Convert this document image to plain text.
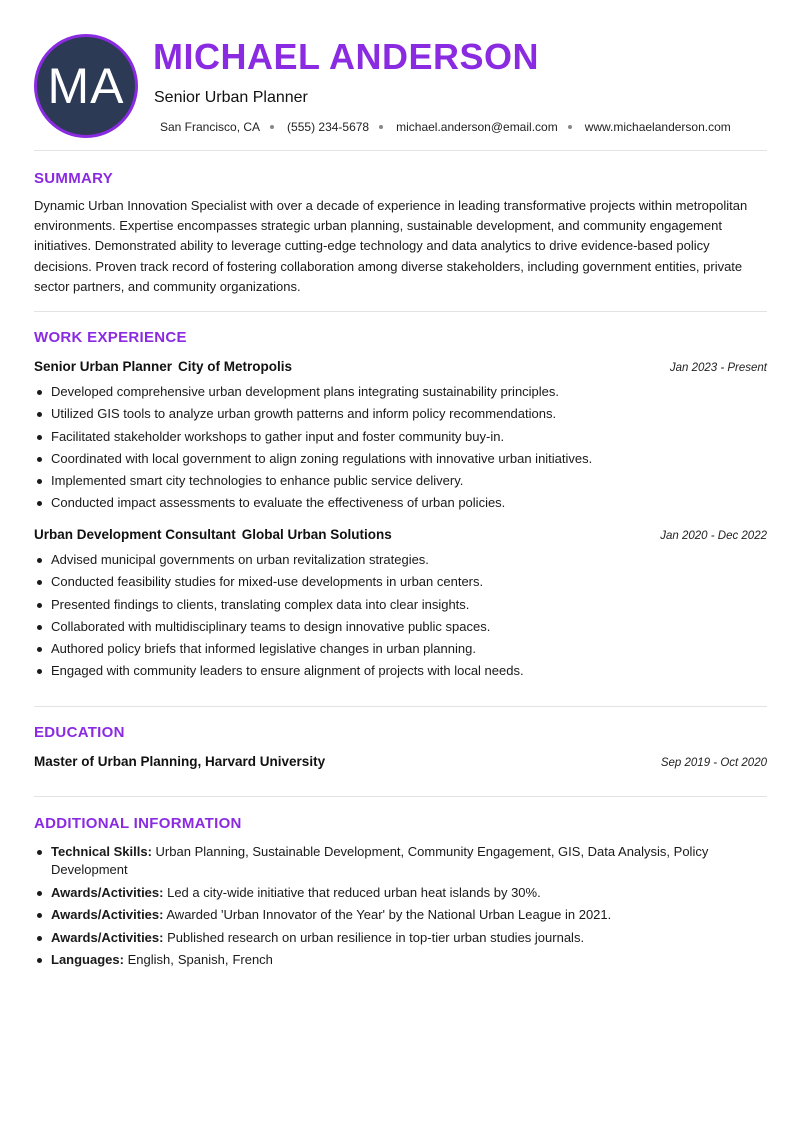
MA
MICHAEL ANDERSON
Senior Urban Planner
San Francisco, CA (555) 234-5678 michael.anderson@email.com www.michaelanderson.com
SUMMARY

Dynamic Urban Innovation Specialist with over a decade of experience in leading transformative projects within metropolitan environments. Expertise encompasses strategic urban planning, sustainable development, and community engagement initiatives. Demonstrated ability to leverage cutting-edge technology and data analytics to drive evidence-based policy decisions. Proven track record of fostering collaboration among diverse stakeholders, including government entities, private sector partners, and community organizations.

WORK EXPERIENCE
Senior Urban Planner City of Metropolis	Jan 2023 - Present
Developed comprehensive urban development plans integrating sustainability principles.
Utilized GIS tools to analyze urban growth patterns and inform policy recommendations.
Facilitated stakeholder workshops to gather input and foster community buy-in.
Coordinated with local government to align zoning regulations with innovative urban initiatives.
Implemented smart city technologies to enhance public service delivery.
Conducted impact assessments to evaluate the effectiveness of urban policies.
Urban Development Consultant Global Urban Solutions	Jan 2020 - Dec 2022
Advised municipal governments on urban revitalization strategies.
Conducted feasibility studies for mixed-use developments in urban centers.
Presented findings to clients, translating complex data into clear insights.
Collaborated with multidisciplinary teams to design innovative public spaces.
Authored policy briefs that informed legislative changes in urban planning.
Engaged with community leaders to ensure alignment of projects with local needs.
EDUCATION
Master of Urban Planning, Harvard University	Sep 2019 - Oct 2020
ADDITIONAL INFORMATION
Technical Skills: Urban Planning, Sustainable Development, Community Engagement, GIS, Data Analysis, Policy Development
Awards/Activities: Led a city-wide initiative that reduced urban heat islands by 30%.
Awards/Activities: Awarded 'Urban Innovator of the Year' by the National Urban League in 2021.
Awards/Activities: Published research on urban resilience in top-tier urban studies journals.
Languages: English, Spanish, French
